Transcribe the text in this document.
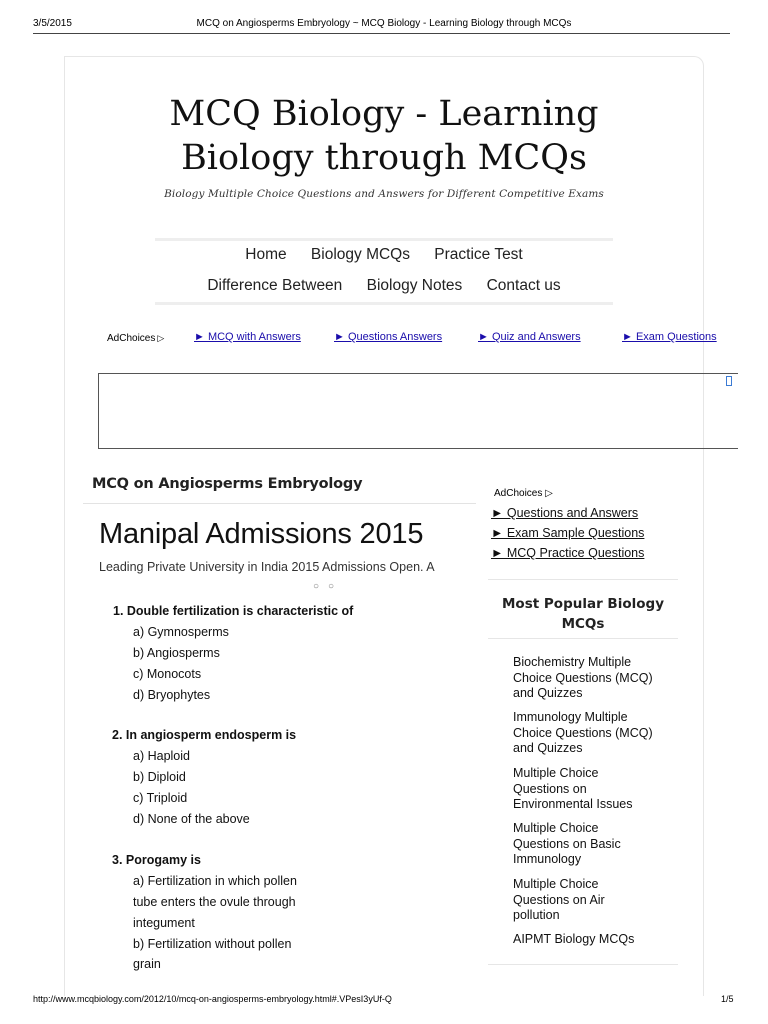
3/5/2015	MCQ on Angiosperms Embryology ~ MCQ Biology - Learning Biology through MCQs
MCQ Biology - Learning
Biology through MCQs
Biology Multiple Choice Questions and Answers for Different Competitive Exams
Home Biology MCQs Practice Test
Difference Between Biology Notes Contact us
AdChoices ▷	► MCQ with Answers	► Questions Answers	► Quiz and Answers	► Exam Questions
MCQ on Angiosperms Embryology
Manipal Admissions 2015
Leading Private University in India 2015 Admissions Open. A
○○
1. Double fertilization is characteristic of
a) Gymnosperms
b) Angiosperms
c) Monocots
d) Bryophytes
2. In angiosperm endosperm is
a) Haploid
b) Diploid
c) Triploid
d) None of the above
3. Porogamy is
a) Fertilization in which pollen
tube enters the ovule through
integument
b) Fertilization without pollen
grain
AdChoices ▷
► Questions and Answers
► Exam Sample Questions
► MCQ Practice Questions
Most Popular Biology
MCQs
Biochemistry Multiple
Choice Questions (MCQ)
and Quizzes
Immunology Multiple
Choice Questions (MCQ)
and Quizzes
Multiple Choice
Questions on
Environmental Issues
Multiple Choice
Questions on Basic
Immunology
Multiple Choice
Questions on Air
pollution
AIPMT Biology MCQs
http://www.mcqbiology.com/2012/10/mcq-on-angiosperms-embryology.html#.VPesI3yUf-Q	1/5
